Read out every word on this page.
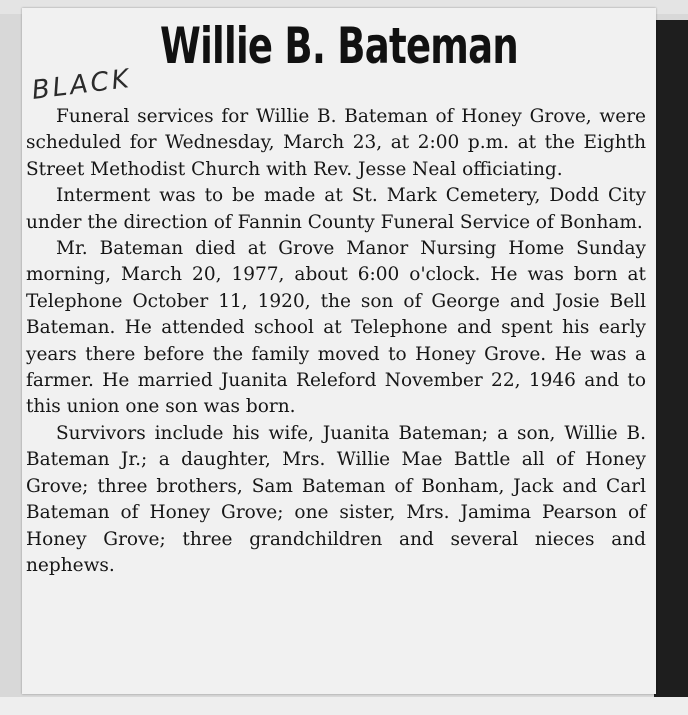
Willie B. Bateman
BLACK

Funeral services for Willie B. Bateman of Honey Grove, were scheduled for Wednesday, March 23, at 2:00 p.m. at the Eighth Street Methodist Church with Rev. Jesse Neal officiating.

Interment was to be made at St. Mark Cemetery, Dodd City under the direction of Fannin County Funeral Service of Bonham.

Mr. Bateman died at Grove Manor Nursing Home Sunday morning, March 20, 1977, about 6:00 o'clock. He was born at Telephone October 11, 1920, the son of George and Josie Bell Bateman. He attended school at Telephone and spent his early years there before the family moved to Honey Grove. He was a farmer. He married Juanita Releford November 22, 1946 and to this union one son was born.

Survivors include his wife, Juanita Bateman; a son, Willie B. Bateman Jr.; a daughter, Mrs. Willie Mae Battle all of Honey Grove; three brothers, Sam Bateman of Bonham, Jack and Carl Bateman of Honey Grove; one sister, Mrs. Jamima Pearson of Honey Grove; three grandchildren and several nieces and nephews.
